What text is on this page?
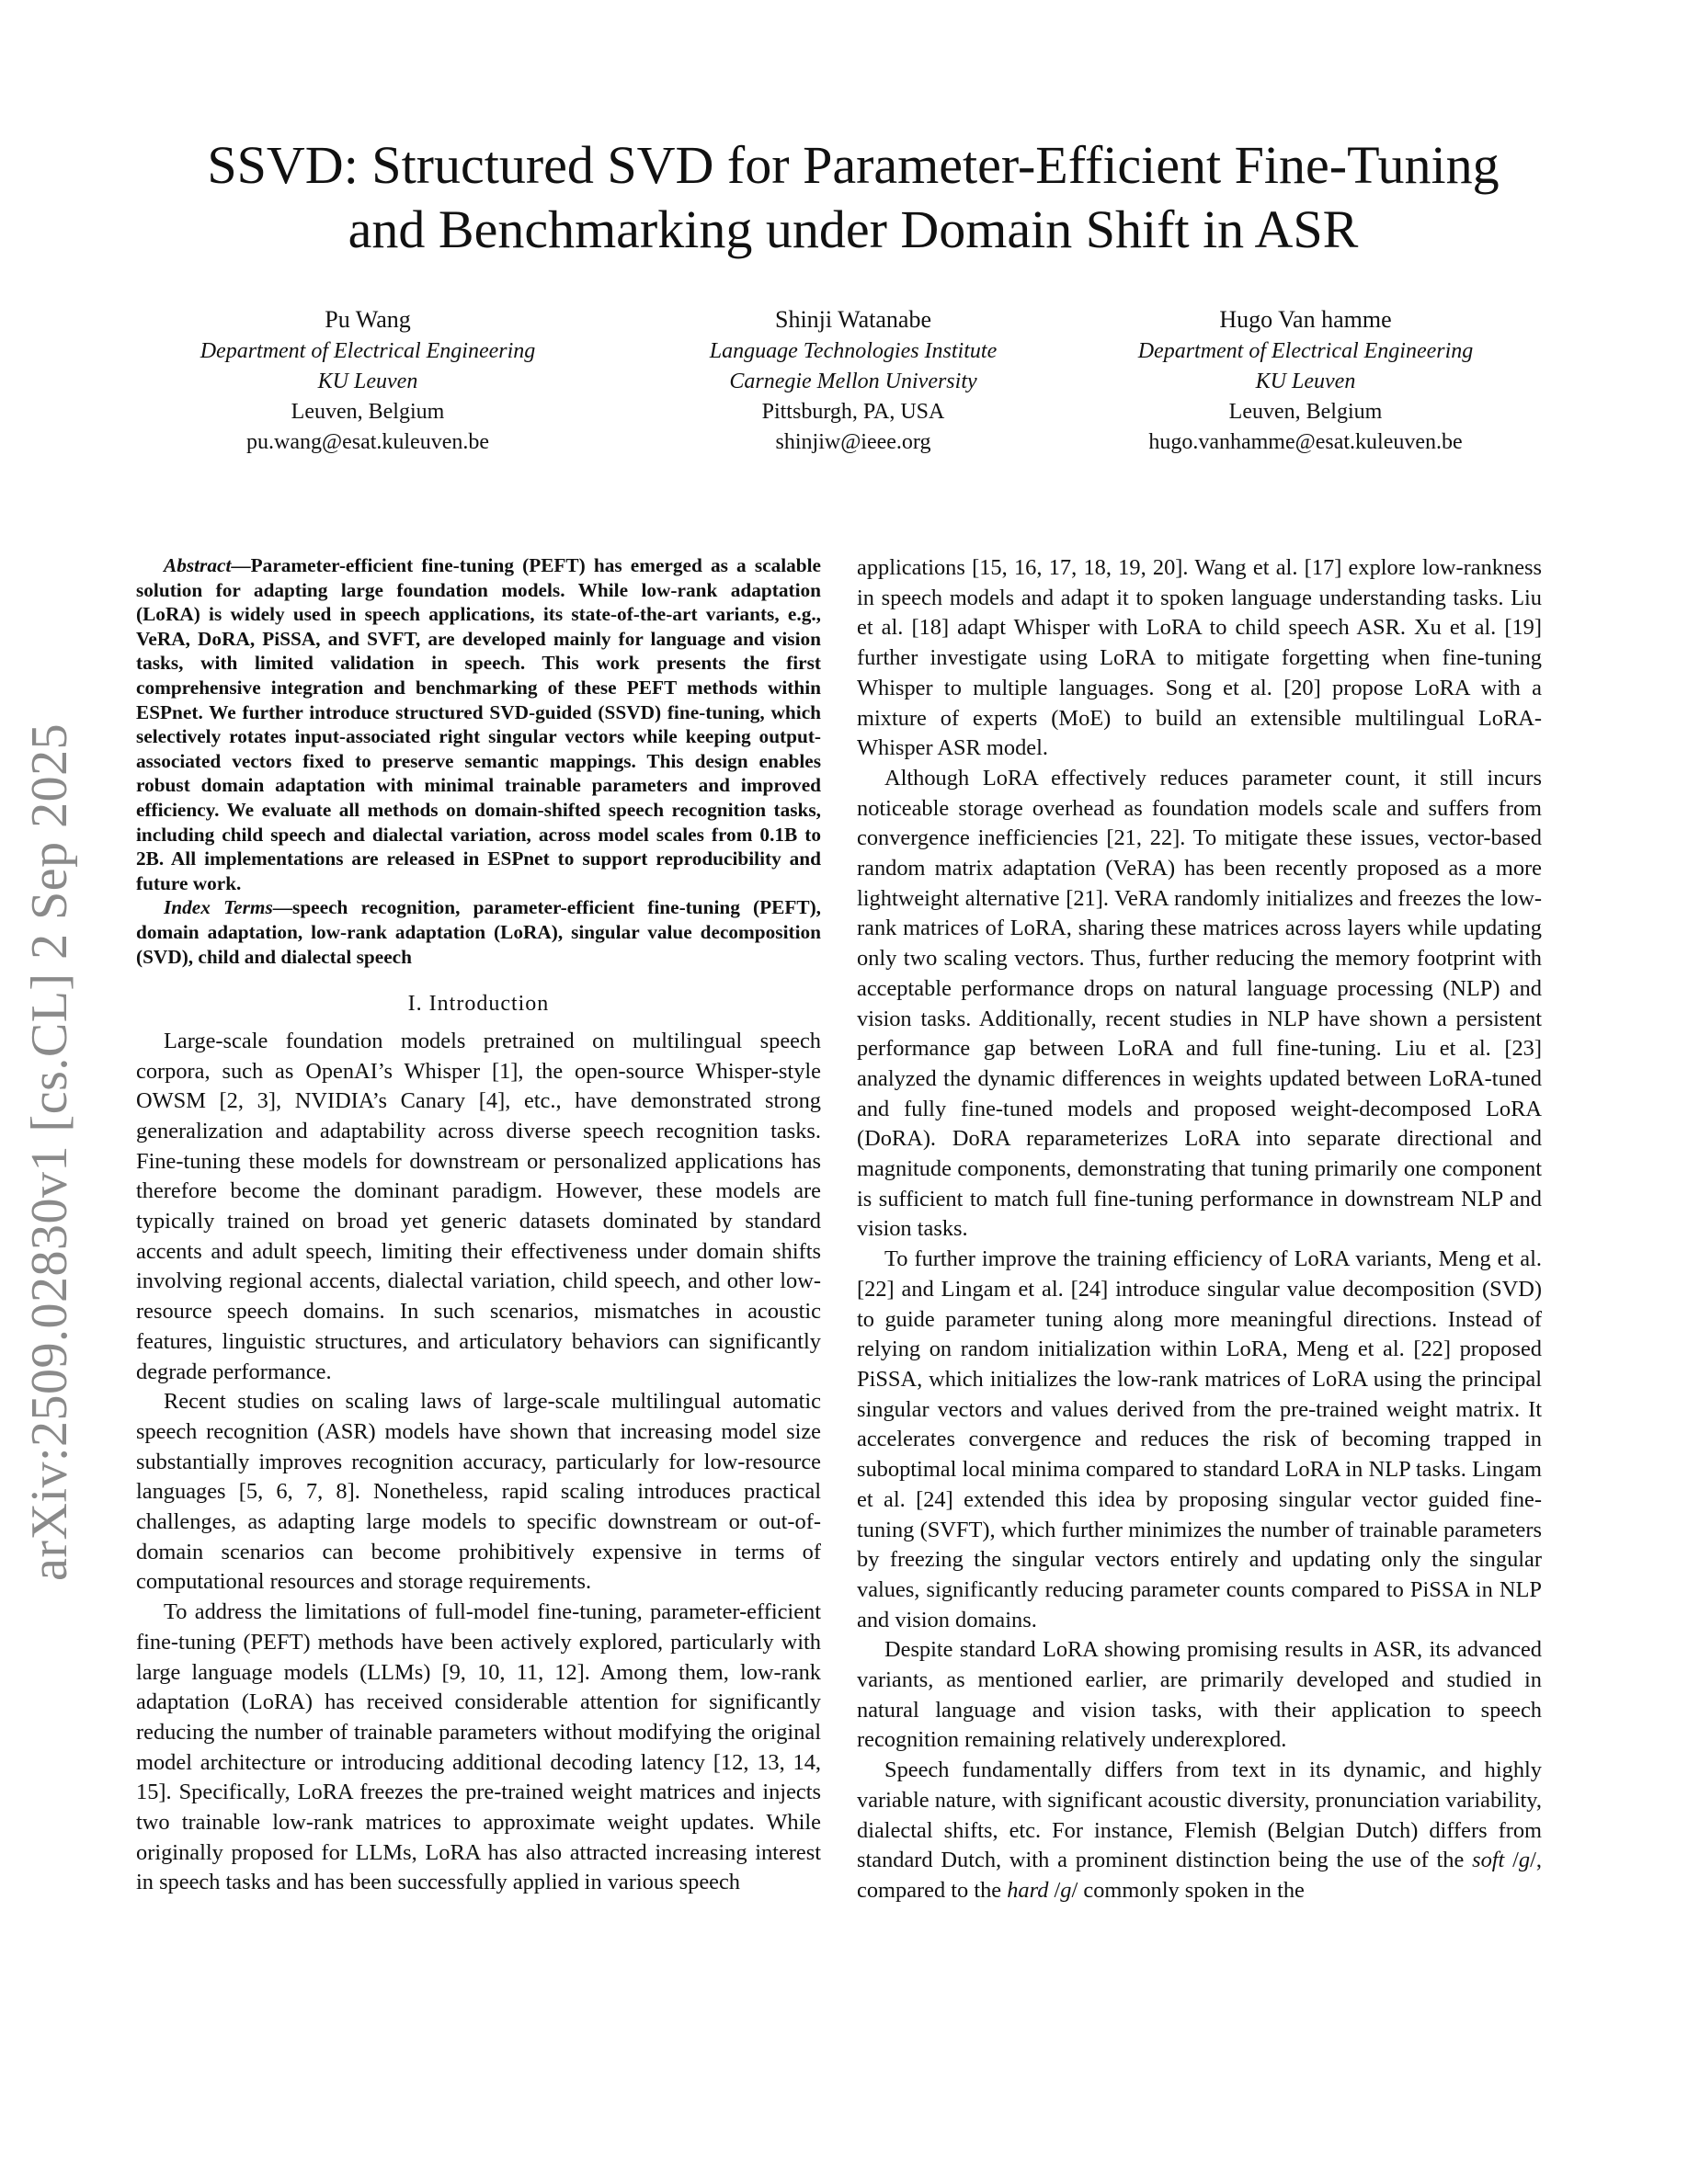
arXiv:2509.02830v1 [cs.CL] 2 Sep 2025
SSVD: Structured SVD for Parameter-Efficient Fine-Tuning
and Benchmarking under Domain Shift in ASR
Pu Wang
Department of Electrical Engineering
KU Leuven
Leuven, Belgium
pu.wang@esat.kuleuven.be
Shinji Watanabe
Language Technologies Institute
Carnegie Mellon University
Pittsburgh, PA, USA
shinjiw@ieee.org
Hugo Van hamme
Department of Electrical Engineering
KU Leuven
Leuven, Belgium
hugo.vanhamme@esat.kuleuven.be

Abstract—Parameter-efficient fine-tuning (PEFT) has emerged as a scalable solution for adapting large foundation models. While low-rank adaptation (LoRA) is widely used in speech applications, its state-of-the-art variants, e.g., VeRA, DoRA, PiSSA, and SVFT, are developed mainly for language and vision tasks, with limited validation in speech. This work presents the first comprehensive integration and benchmarking of these PEFT methods within ESPnet. We further introduce structured SVD-guided (SSVD) fine-tuning, which selectively rotates input-associated right singular vectors while keeping output-associated vectors fixed to preserve semantic mappings. This design enables robust domain adaptation with minimal trainable parameters and improved efficiency. We evaluate all methods on domain-shifted speech recognition tasks, including child speech and dialectal variation, across model scales from 0.1B to 2B. All implementations are released in ESPnet to support reproducibility and future work.

Index Terms—speech recognition, parameter-efficient fine-tuning (PEFT), domain adaptation, low-rank adaptation (LoRA), singular value decomposition (SVD), child and dialectal speech

I. Introduction

Large-scale foundation models pretrained on multilingual speech corpora, such as OpenAI’s Whisper [1], the open-source Whisper-style OWSM [2, 3], NVIDIA’s Canary [4], etc., have demonstrated strong generalization and adaptability across diverse speech recognition tasks. Fine-tuning these models for downstream or personalized applications has therefore become the dominant paradigm. However, these models are typically trained on broad yet generic datasets dominated by standard accents and adult speech, limiting their effectiveness under domain shifts involving regional accents, dialectal variation, child speech, and other low-resource speech domains. In such scenarios, mismatches in acoustic features, linguistic structures, and articulatory behaviors can significantly degrade performance.

Recent studies on scaling laws of large-scale multilingual automatic speech recognition (ASR) models have shown that increasing model size substantially improves recognition accuracy, particularly for low-resource languages [5, 6, 7, 8]. Nonetheless, rapid scaling introduces practical challenges, as adapting large models to specific downstream or out-of-domain scenarios can become prohibitively expensive in terms of computational resources and storage requirements.

To address the limitations of full-model fine-tuning, parameter-efficient fine-tuning (PEFT) methods have been actively explored, particularly with large language models (LLMs) [9, 10, 11, 12]. Among them, low-rank adaptation (LoRA) has received considerable attention for significantly reducing the number of trainable parameters without modifying the original model architecture or introducing additional decoding latency [12, 13, 14, 15]. Specifically, LoRA freezes the pre-trained weight matrices and injects two trainable low-rank matrices to approximate weight updates. While originally proposed for LLMs, LoRA has also attracted increasing interest in speech tasks and has been successfully applied in various speech

applications [15, 16, 17, 18, 19, 20]. Wang et al. [17] explore low-rankness in speech models and adapt it to spoken language understanding tasks. Liu et al. [18] adapt Whisper with LoRA to child speech ASR. Xu et al. [19] further investigate using LoRA to mitigate forgetting when fine-tuning Whisper to multiple languages. Song et al. [20] propose LoRA with a mixture of experts (MoE) to build an extensible multilingual LoRA-Whisper ASR model.

Although LoRA effectively reduces parameter count, it still incurs noticeable storage overhead as foundation models scale and suffers from convergence inefficiencies [21, 22]. To mitigate these issues, vector-based random matrix adaptation (VeRA) has been recently proposed as a more lightweight alternative [21]. VeRA randomly initializes and freezes the low-rank matrices of LoRA, sharing these matrices across layers while updating only two scaling vectors. Thus, further reducing the memory footprint with acceptable performance drops on natural language processing (NLP) and vision tasks. Additionally, recent studies in NLP have shown a persistent performance gap between LoRA and full fine-tuning. Liu et al. [23] analyzed the dynamic differences in weights updated between LoRA-tuned and fully fine-tuned models and proposed weight-decomposed LoRA (DoRA). DoRA reparameterizes LoRA into separate directional and magnitude components, demonstrating that tuning primarily one component is sufficient to match full fine-tuning performance in downstream NLP and vision tasks.

To further improve the training efficiency of LoRA variants, Meng et al. [22] and Lingam et al. [24] introduce singular value decomposition (SVD) to guide parameter tuning along more meaningful directions. Instead of relying on random initialization within LoRA, Meng et al. [22] proposed PiSSA, which initializes the low-rank matrices of LoRA using the principal singular vectors and values derived from the pre-trained weight matrix. It accelerates convergence and reduces the risk of becoming trapped in suboptimal local minima compared to standard LoRA in NLP tasks. Lingam et al. [24] extended this idea by proposing singular vector guided fine-tuning (SVFT), which further minimizes the number of trainable parameters by freezing the singular vectors entirely and updating only the singular values, significantly reducing parameter counts compared to PiSSA in NLP and vision domains.

Despite standard LoRA showing promising results in ASR, its advanced variants, as mentioned earlier, are primarily developed and studied in natural language and vision tasks, with their application to speech recognition remaining relatively underexplored.

Speech fundamentally differs from text in its dynamic, and highly variable nature, with significant acoustic diversity, pronunciation variability, dialectal shifts, etc. For instance, Flemish (Belgian Dutch) differs from standard Dutch, with a prominent distinction being the use of the soft /g/, compared to the hard /g/ commonly spoken in the
